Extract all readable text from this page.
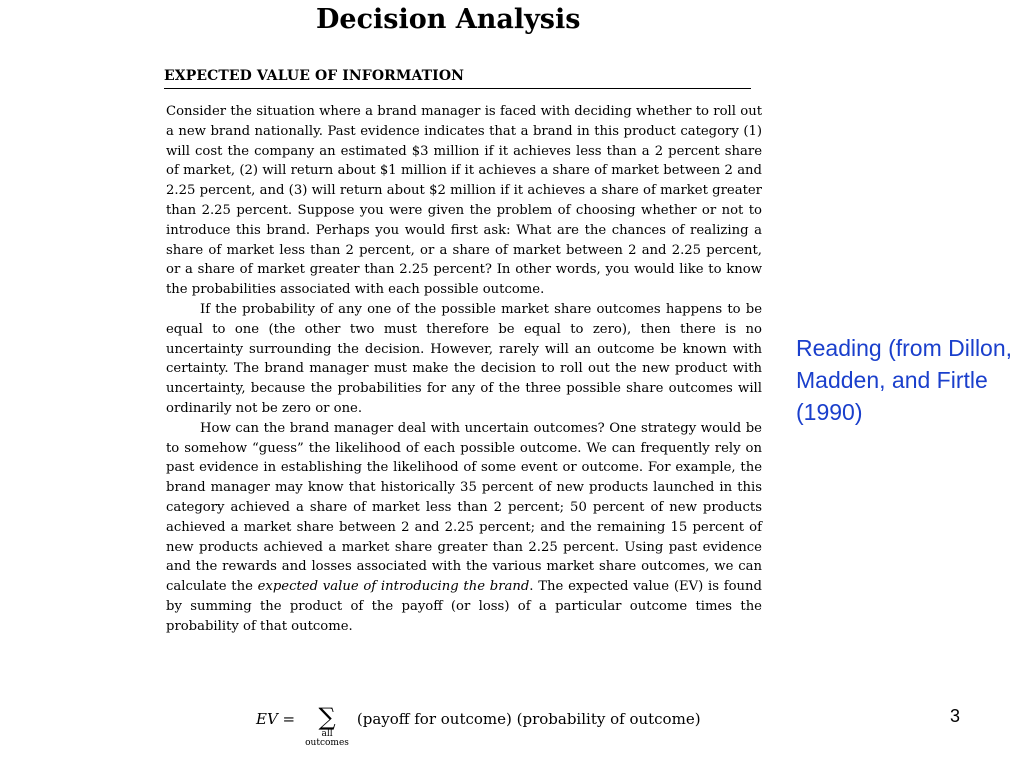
Decision Analysis
EXPECTED VALUE OF INFORMATION

Consider the situation where a brand manager is faced with deciding whether to roll out a new brand nationally. Past evidence indicates that a brand in this product category (1) will cost the company an estimated $3 million if it achieves less than a 2 percent share of market, (2) will return about $1 million if it achieves a share of market between 2 and 2.25 percent, and (3) will return about $2 million if it achieves a share of market greater than 2.25 percent. Suppose you were given the problem of choosing whether or not to introduce this brand. Perhaps you would first ask: What are the chances of realizing a share of market less than 2 percent, or a share of market between 2 and 2.25 percent, or a share of market greater than 2.25 percent? In other words, you would like to know the probabilities associated with each possible outcome.

If the probability of any one of the possible market share outcomes happens to be equal to one (the other two must therefore be equal to zero), then there is no uncertainty surrounding the decision. However, rarely will an outcome be known with certainty. The brand manager must make the decision to roll out the new product with uncertainty, because the probabilities for any of the three possible share outcomes will ordinarily not be zero or one.

How can the brand manager deal with uncertain outcomes? One strategy would be to somehow “guess” the likelihood of each possible outcome. We can frequently rely on past evidence in establishing the likelihood of some event or outcome. For example, the brand manager may know that historically 35 percent of new products launched in this category achieved a share of market less than 2 percent; 50 percent of new products achieved a market share between 2 and 2.25 percent; and the remaining 15 percent of new products achieved a market share greater than 2.25 percent. Using past evidence and the rewards and losses associated with the various market share outcomes, we can calculate the expected value of introducing the brand. The expected value (EV) is found by summing the product of the payoff (or loss) of a particular outcome times the probability of that outcome.

EV = ∑
all
outcomes
(payoff for outcome) (probability of outcome)
Reading (from Dillon, Madden, and Firtle (1990)
3
